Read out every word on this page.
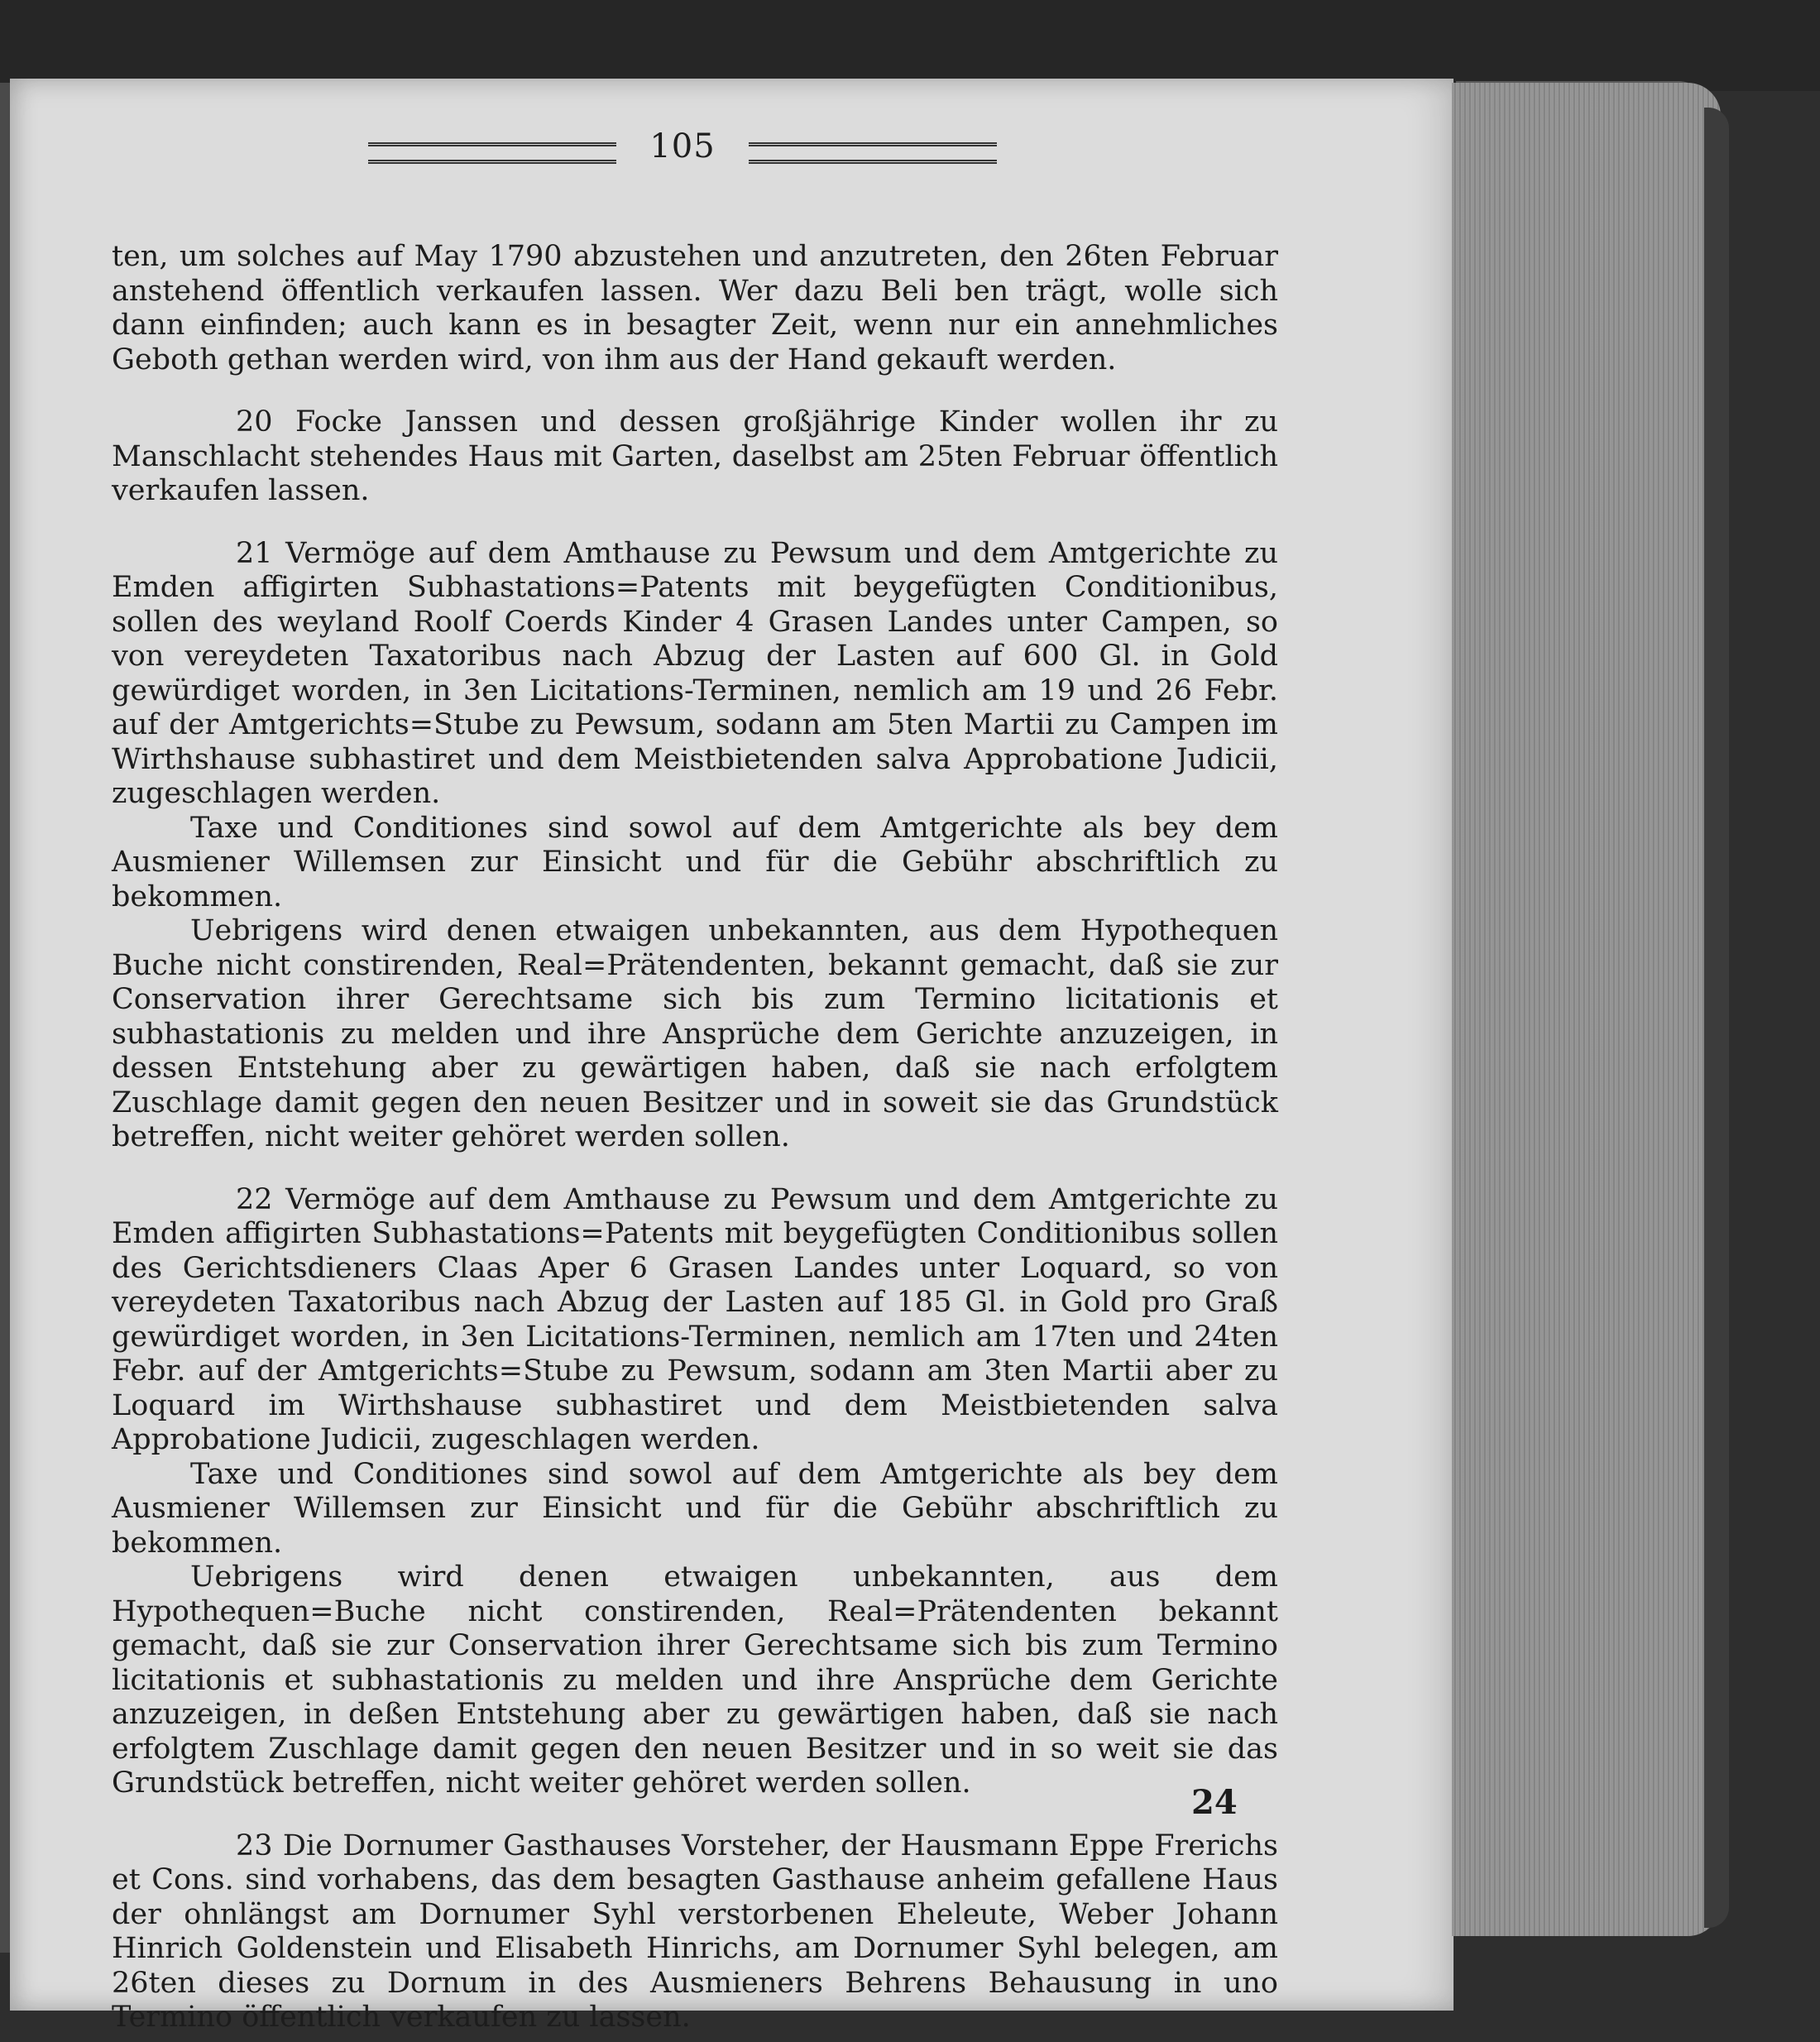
105

ten, um solches auf May 1790 abzustehen und anzutreten, den 26ten Februar anstehend öffentlich verkaufen lassen. Wer dazu Beli ben trägt, wolle sich dann einfinden; auch kann es in besagter Zeit, wenn nur ein annehmliches Geboth gethan werden wird, von ihm aus der Hand gekauft werden.

20 Focke Janssen und dessen großjährige Kinder wollen ihr zu Manschlacht stehendes Haus mit Garten, daselbst am 25ten Februar öffentlich verkaufen lassen.

21 Vermöge auf dem Amthause zu Pewsum und dem Amtgerichte zu Emden affigirten Subhastations=Patents mit beygefügten Conditionibus, sollen des weyland Roolf Coerds Kinder 4 Grasen Landes unter Campen, so von vereydeten Taxatoribus nach Abzug der Lasten auf 600 Gl. in Gold gewürdiget worden, in 3en Licitations-Terminen, nemlich am 19 und 26 Febr. auf der Amtgerichts=Stube zu Pewsum, sodann am 5ten Martii zu Campen im Wirthshause subhastiret und dem Meistbietenden salva Approbatione Judicii, zugeschlagen werden.

Taxe und Conditiones sind sowol auf dem Amtgerichte als bey dem Ausmiener Willemsen zur Einsicht und für die Gebühr abschriftlich zu bekommen.

Uebrigens wird denen etwaigen unbekannten, aus dem Hypothequen Buche nicht constirenden, Real=Prätendenten, bekannt gemacht, daß sie zur Conservation ihrer Gerechtsame sich bis zum Termino licitationis et subhastationis zu melden und ihre Ansprüche dem Gerichte anzuzeigen, in dessen Entstehung aber zu gewärtigen haben, daß sie nach erfolgtem Zuschlage damit gegen den neuen Besitzer und in soweit sie das Grundstück betreffen, nicht weiter gehöret werden sollen.

22 Vermöge auf dem Amthause zu Pewsum und dem Amtgerichte zu Emden affigirten Subhastations=Patents mit beygefügten Conditionibus sollen des Gerichtsdieners Claas Aper 6 Grasen Landes unter Loquard, so von vereydeten Taxatoribus nach Abzug der Lasten auf 185 Gl. in Gold pro Graß gewürdiget worden, in 3en Licitations-Terminen, nemlich am 17ten und 24ten Febr. auf der Amtgerichts=Stube zu Pewsum, sodann am 3ten Martii aber zu Loquard im Wirthshause subhastiret und dem Meistbietenden salva Approbatione Judicii, zugeschlagen werden.

Taxe und Conditiones sind sowol auf dem Amtgerichte als bey dem Ausmiener Willemsen zur Einsicht und für die Gebühr abschriftlich zu bekommen.

Uebrigens wird denen etwaigen unbekannten, aus dem Hypothequen=Buche nicht constirenden, Real=Prätendenten bekannt gemacht, daß sie zur Conservation ihrer Gerechtsame sich bis zum Termino licitationis et subhastationis zu melden und ihre Ansprüche dem Gerichte anzuzeigen, in deßen Entstehung aber zu gewärtigen haben, daß sie nach erfolgtem Zuschlage damit gegen den neuen Besitzer und in so weit sie das Grundstück betreffen, nicht weiter gehöret werden sollen.

23 Die Dornumer Gasthauses Vorsteher, der Hausmann Eppe Frerichs et Cons. sind vorhabens, das dem besagten Gasthause anheim gefallene Haus der ohnlängst am Dornumer Syhl verstorbenen Eheleute, Weber Johann Hinrich Goldenstein und Elisabeth Hinrichs, am Dornumer Syhl belegen, am 26ten dieses zu Dornum in des Ausmieners Behrens Behausung in uno Termino öffentlich verkaufen zu lassen.

24
